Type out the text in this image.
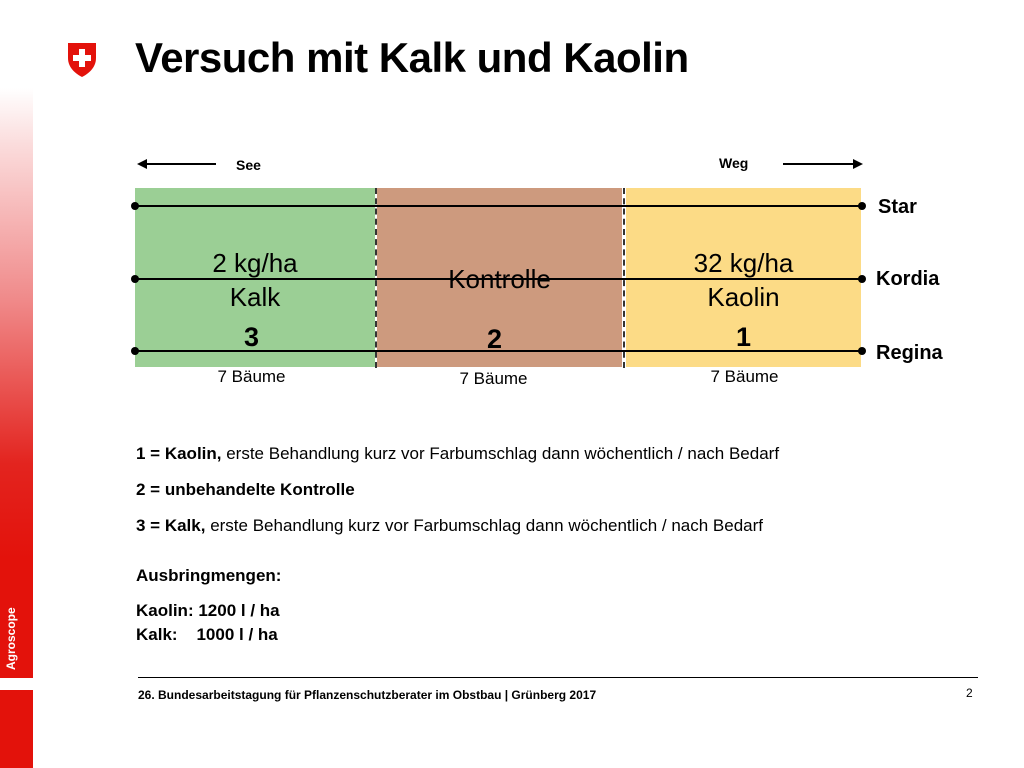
Versuch mit Kalk und Kaolin
See	Weg
2 kg/ha
Kalk
Kontrolle
32 kg/ha
Kaolin
3	2	1
7 Bäume	7 Bäume	7 Bäume
Star
Kordia
Regina
1 = Kaolin, erste Behandlung kurz vor Farbumschlag dann wöchentlich / nach Bedarf
2 = unbehandelte Kontrolle
3 = Kalk, erste Behandlung kurz vor Farbumschlag dann wöchentlich / nach Bedarf
Ausbringmengen:
Kaolin: 1200 l / ha
Kalk:    1000 l / ha
26. Bundesarbeitstagung für Pflanzenschutzberater im Obstbau | Grünberg 2017	2
